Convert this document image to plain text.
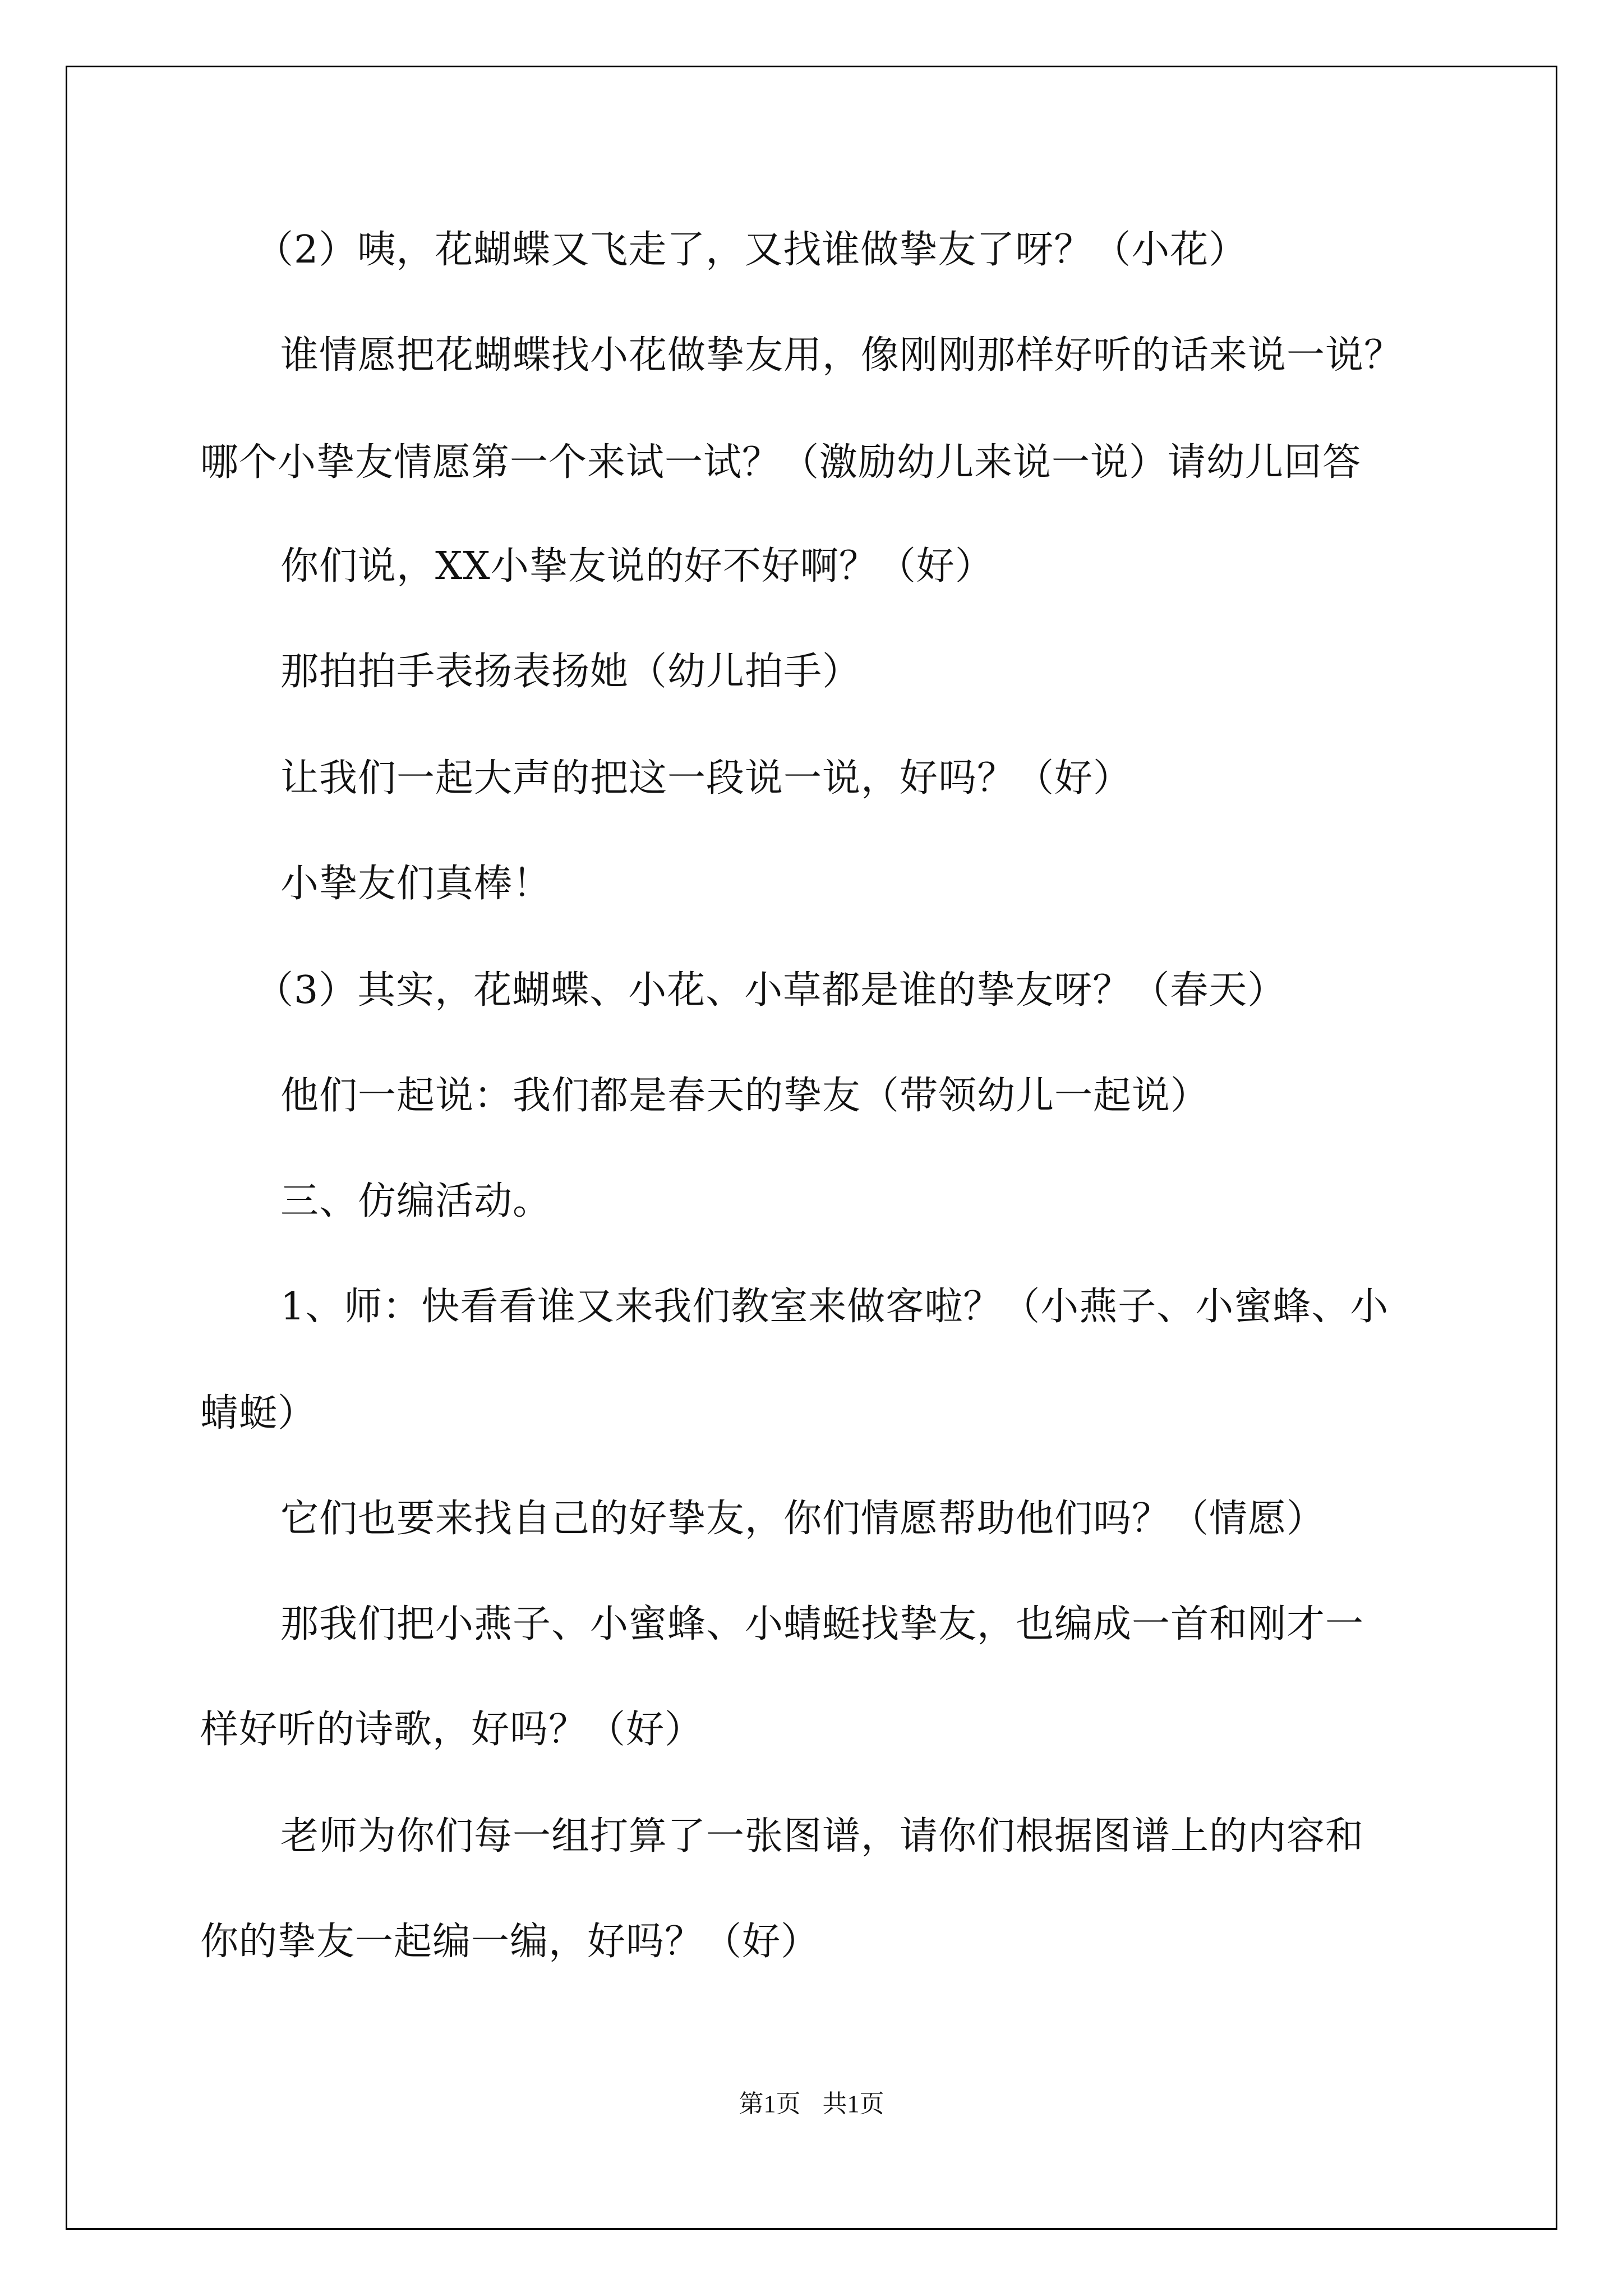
（2）咦，花蝴蝶又飞走了，又找谁做挚友了呀？（小花）

谁情愿把花蝴蝶找小花做挚友用，像刚刚那样好听的话来说一说？

哪个小挚友情愿第一个来试一试？（激励幼儿来说一说）请幼儿回答

你们说，XX小挚友说的好不好啊？（好）

那拍拍手表扬表扬她（幼儿拍手）

让我们一起大声的把这一段说一说，好吗？（好）

小挚友们真棒！

（3）其实，花蝴蝶、小花、小草都是谁的挚友呀？（春天）

他们一起说：我们都是春天的挚友（带领幼儿一起说）

三、仿编活动。

1、师：快看看谁又来我们教室来做客啦？（小燕子、小蜜蜂、小

蜻蜓）

它们也要来找自己的好挚友，你们情愿帮助他们吗？（情愿）

那我们把小燕子、小蜜蜂、小蜻蜓找挚友，也编成一首和刚才一

样好听的诗歌，好吗？（好）

老师为你们每一组打算了一张图谱，请你们根据图谱上的内容和

你的挚友一起编一编，好吗？（好）

第1页 共1页
